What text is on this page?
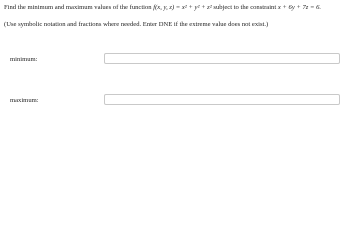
Find the minimum and maximum values of the function f(x, y, z) = x² + y² + z² subject to the constraint x + 6y + 7z = 6.
(Use symbolic notation and fractions where needed. Enter DNE if the extreme value does not exist.)
minimum:
maximum:
